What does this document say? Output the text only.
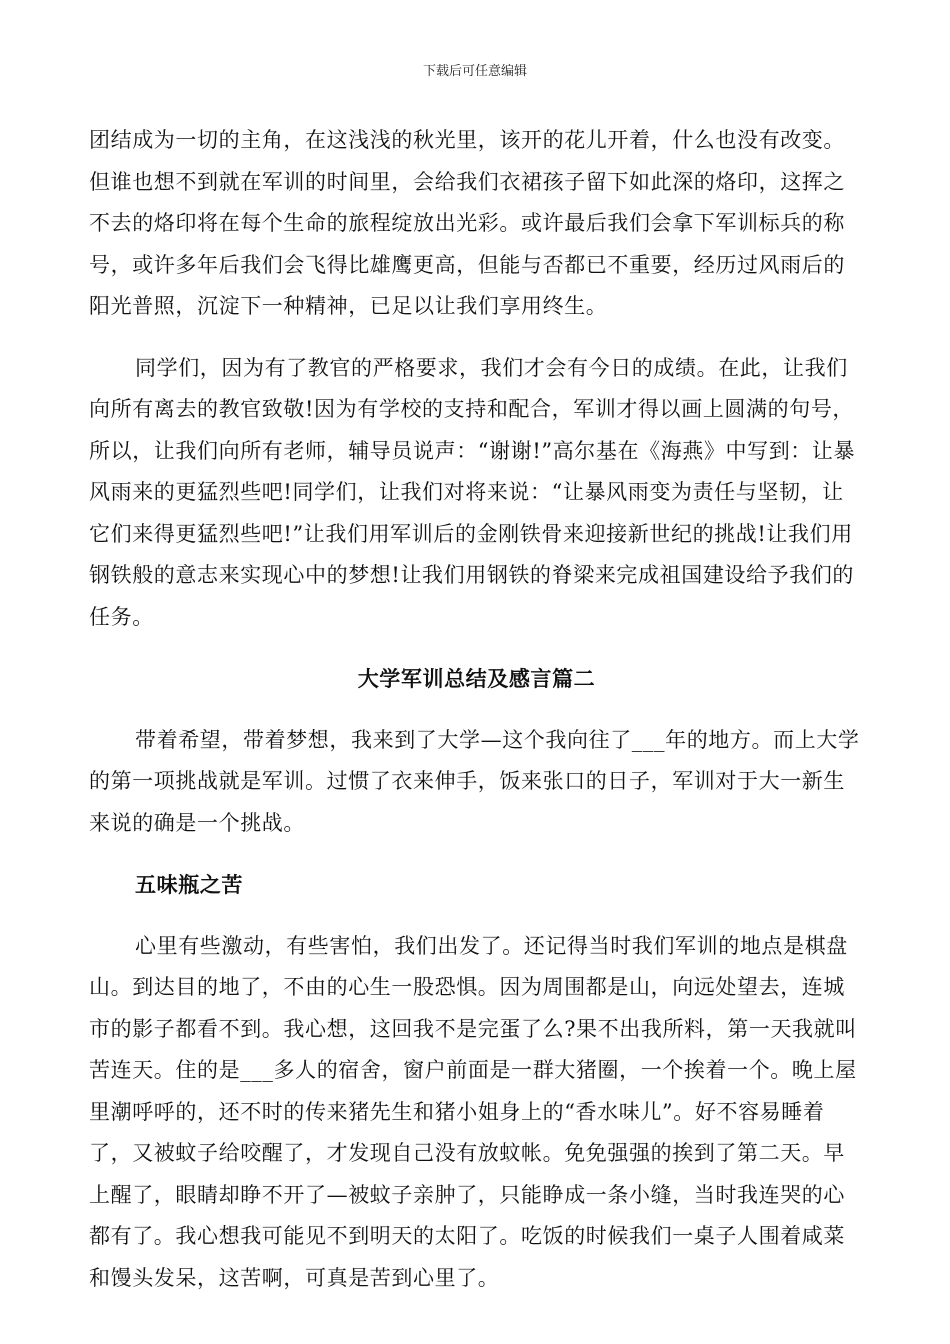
下载后可任意编辑

团结成为一切的主角，在这浅浅的秋光里，该开的花儿开着，什么也没有改变。但谁也想不到就在军训的时间里，会给我们衣裙孩子留下如此深的烙印，这挥之不去的烙印将在每个生命的旅程绽放出光彩。或许最后我们会拿下军训标兵的称号，或许多年后我们会飞得比雄鹰更高，但能与否都已不重要，经历过风雨后的阳光普照，沉淀下一种精神，已足以让我们享用终生。

同学们，因为有了教官的严格要求，我们才会有今日的成绩。在此，让我们向所有离去的教官致敬!因为有学校的支持和配合，军训才得以画上圆满的句号，所以，让我们向所有老师，辅导员说声：“谢谢!”高尔基在《海燕》中写到：让暴风雨来的更猛烈些吧!同学们，让我们对将来说：“让暴风雨变为责任与坚韧，让它们来得更猛烈些吧!”让我们用军训后的金刚铁骨来迎接新世纪的挑战!让我们用钢铁般的意志来实现心中的梦想!让我们用钢铁的脊梁来完成祖国建设给予我们的任务。

大学军训总结及感言篇二

带着希望，带着梦想，我来到了大学—这个我向往了___年的地方。而上大学的第一项挑战就是军训。过惯了衣来伸手，饭来张口的日子，军训对于大一新生来说的确是一个挑战。

五味瓶之苦

心里有些激动，有些害怕，我们出发了。还记得当时我们军训的地点是棋盘山。到达目的地了，不由的心生一股恐惧。因为周围都是山，向远处望去，连城市的影子都看不到。我心想，这回我不是完蛋了么?果不出我所料，第一天我就叫苦连天。住的是___多人的宿舍，窗户前面是一群大猪圈，一个挨着一个。晚上屋里潮呼呼的，还不时的传来猪先生和猪小姐身上的“香水味儿”。好不容易睡着了，又被蚊子给咬醒了，才发现自己没有放蚊帐。免免强强的挨到了第二天。早上醒了，眼睛却睁不开了—被蚊子亲肿了，只能睁成一条小缝，当时我连哭的心都有了。我心想我可能见不到明天的太阳了。吃饭的时候我们一桌子人围着咸菜和馒头发呆，这苦啊，可真是苦到心里了。
